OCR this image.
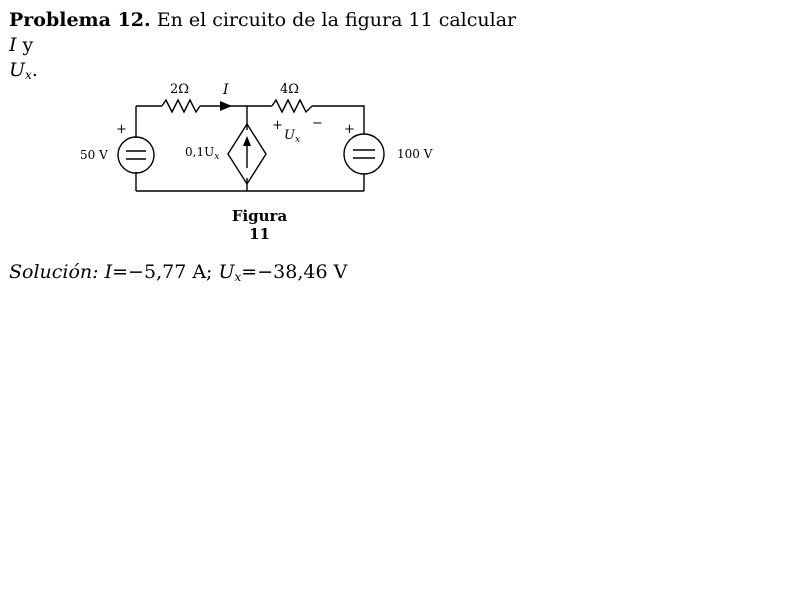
Problema 12. En el circuito de la figura 11 calcular I y
$U_x$.
2Ω I	4Ω
+
50 V	$0,1U_x$
+
$U_x$
− +
100 V
Figura 11
Solución: I=−5,77 A; $U_x=-38,46$ V
